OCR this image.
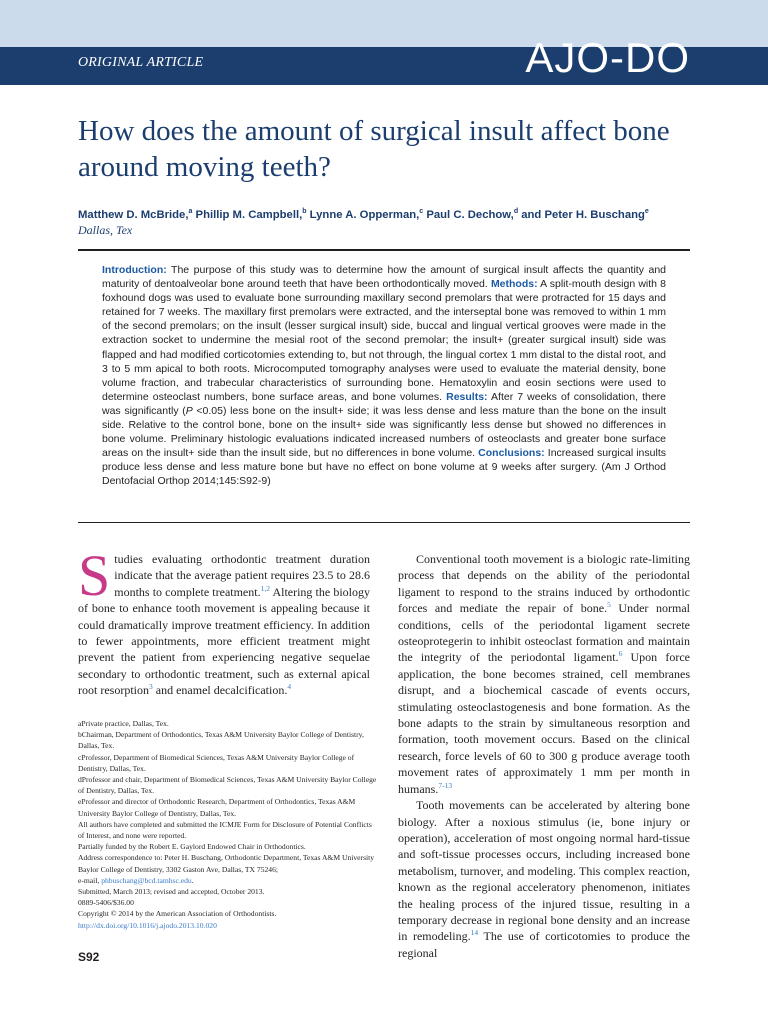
ORIGINAL ARTICLE	AJO-DO
How does the amount of surgical insult affect bone around moving teeth?
Matthew D. McBride,$^a$ Phillip M. Campbell,$^b$ Lynne A. Opperman,$^c$ Paul C. Dechow,$^d$ and Peter H. Buschang$^e$
Dallas, Tex

Introduction: The purpose of this study was to determine how the amount of surgical insult affects the quantity and maturity of dentoalveolar bone around teeth that have been orthodontically moved. Methods: A split-mouth design with 8 foxhound dogs was used to evaluate bone surrounding maxillary second premolars that were protracted for 15 days and retained for 7 weeks. The maxillary first premolars were extracted, and the interseptal bone was removed to within 1 mm of the second premolars; on the insult (lesser surgical insult) side, buccal and lingual vertical grooves were made in the extraction socket to undermine the mesial root of the second premolar; the insult+ (greater surgical insult) side was flapped and had modified corticotomies extending to, but not through, the lingual cortex 1 mm distal to the distal root, and 3 to 5 mm apical to both roots. Microcomputed tomography analyses were used to evaluate the material density, bone volume fraction, and trabecular characteristics of surrounding bone. Hematoxylin and eosin sections were used to determine osteoclast numbers, bone surface areas, and bone volumes. Results: After 7 weeks of consolidation, there was significantly (P <0.05) less bone on the insult+ side; it was less dense and less mature than the bone on the insult side. Relative to the control bone, bone on the insult+ side was significantly less dense but showed no differences in bone volume. Preliminary histologic evaluations indicated increased numbers of osteoclasts and greater bone surface areas on the insult+ side than the insult side, but no differences in bone volume. Conclusions: Increased surgical insults produce less dense and less mature bone but have no effect on bone volume at 9 weeks after surgery. (Am J Orthod Dentofacial Orthop 2014;145:S92-9)

Studies evaluating orthodontic treatment duration indicate that the average patient requires 23.5 to 28.6 months to complete treatment.$^{1,2}$ Altering the biology of bone to enhance tooth movement is appealing because it could dramatically improve treatment efficiency. In addition to fewer appointments, more efficient treatment might prevent the patient from experiencing negative sequelae secondary to orthodontic treatment, such as external apical root resorption$^3$ and enamel decalcification.$^4$

aPrivate practice, Dallas, Tex.
bChairman, Department of Orthodontics, Texas A&M University Baylor College of Dentistry, Dallas, Tex.
cProfessor, Department of Biomedical Sciences, Texas A&M University Baylor College of Dentistry, Dallas, Tex.
dProfessor and chair, Department of Biomedical Sciences, Texas A&M University Baylor College of Dentistry, Dallas, Tex.
eProfessor and director of Orthodontic Research, Department of Orthodontics, Texas A&M University Baylor College of Dentistry, Dallas, Tex.
All authors have completed and submitted the ICMJE Form for Disclosure of Potential Conflicts of Interest, and none were reported.
Partially funded by the Robert E. Gaylord Endowed Chair in Orthodontics.
Address correspondence to: Peter H. Buschang, Orthodontic Department, Texas A&M University Baylor College of Dentistry, 3302 Gaston Ave, Dallas, TX 75246;
e-mail, phbuschang@bcd.tamhsc.edu.
Submitted, March 2013; revised and accepted, October 2013.
0889-5406/$36.00
Copyright © 2014 by the American Association of Orthodontists.
http://dx.doi.org/10.1016/j.ajodo.2013.10.020

Conventional tooth movement is a biologic rate-limiting process that depends on the ability of the periodontal ligament to respond to the strains induced by orthodontic forces and mediate the repair of bone.$^5$ Under normal conditions, cells of the periodontal ligament secrete osteoprotegerin to inhibit osteoclast formation and maintain the integrity of the periodontal ligament.$^6$ Upon force application, the bone becomes strained, cell membranes disrupt, and a biochemical cascade of events occurs, stimulating osteoclastogenesis and bone formation. As the bone adapts to the strain by simultaneous resorption and formation, tooth movement occurs. Based on the clinical research, force levels of 60 to 300 g produce average tooth movement rates of approximately 1 mm per month in humans.$^{7-13}$

Tooth movements can be accelerated by altering bone biology. After a noxious stimulus (ie, bone injury or operation), acceleration of most ongoing normal hard-tissue and soft-tissue processes occurs, including increased bone metabolism, turnover, and modeling. This complex reaction, known as the regional acceleratory phenomenon, initiates the healing process of the injured tissue, resulting in a temporary decrease in regional bone density and an increase in remodeling.$^{14}$ The use of corticotomies to produce the regional

S92
